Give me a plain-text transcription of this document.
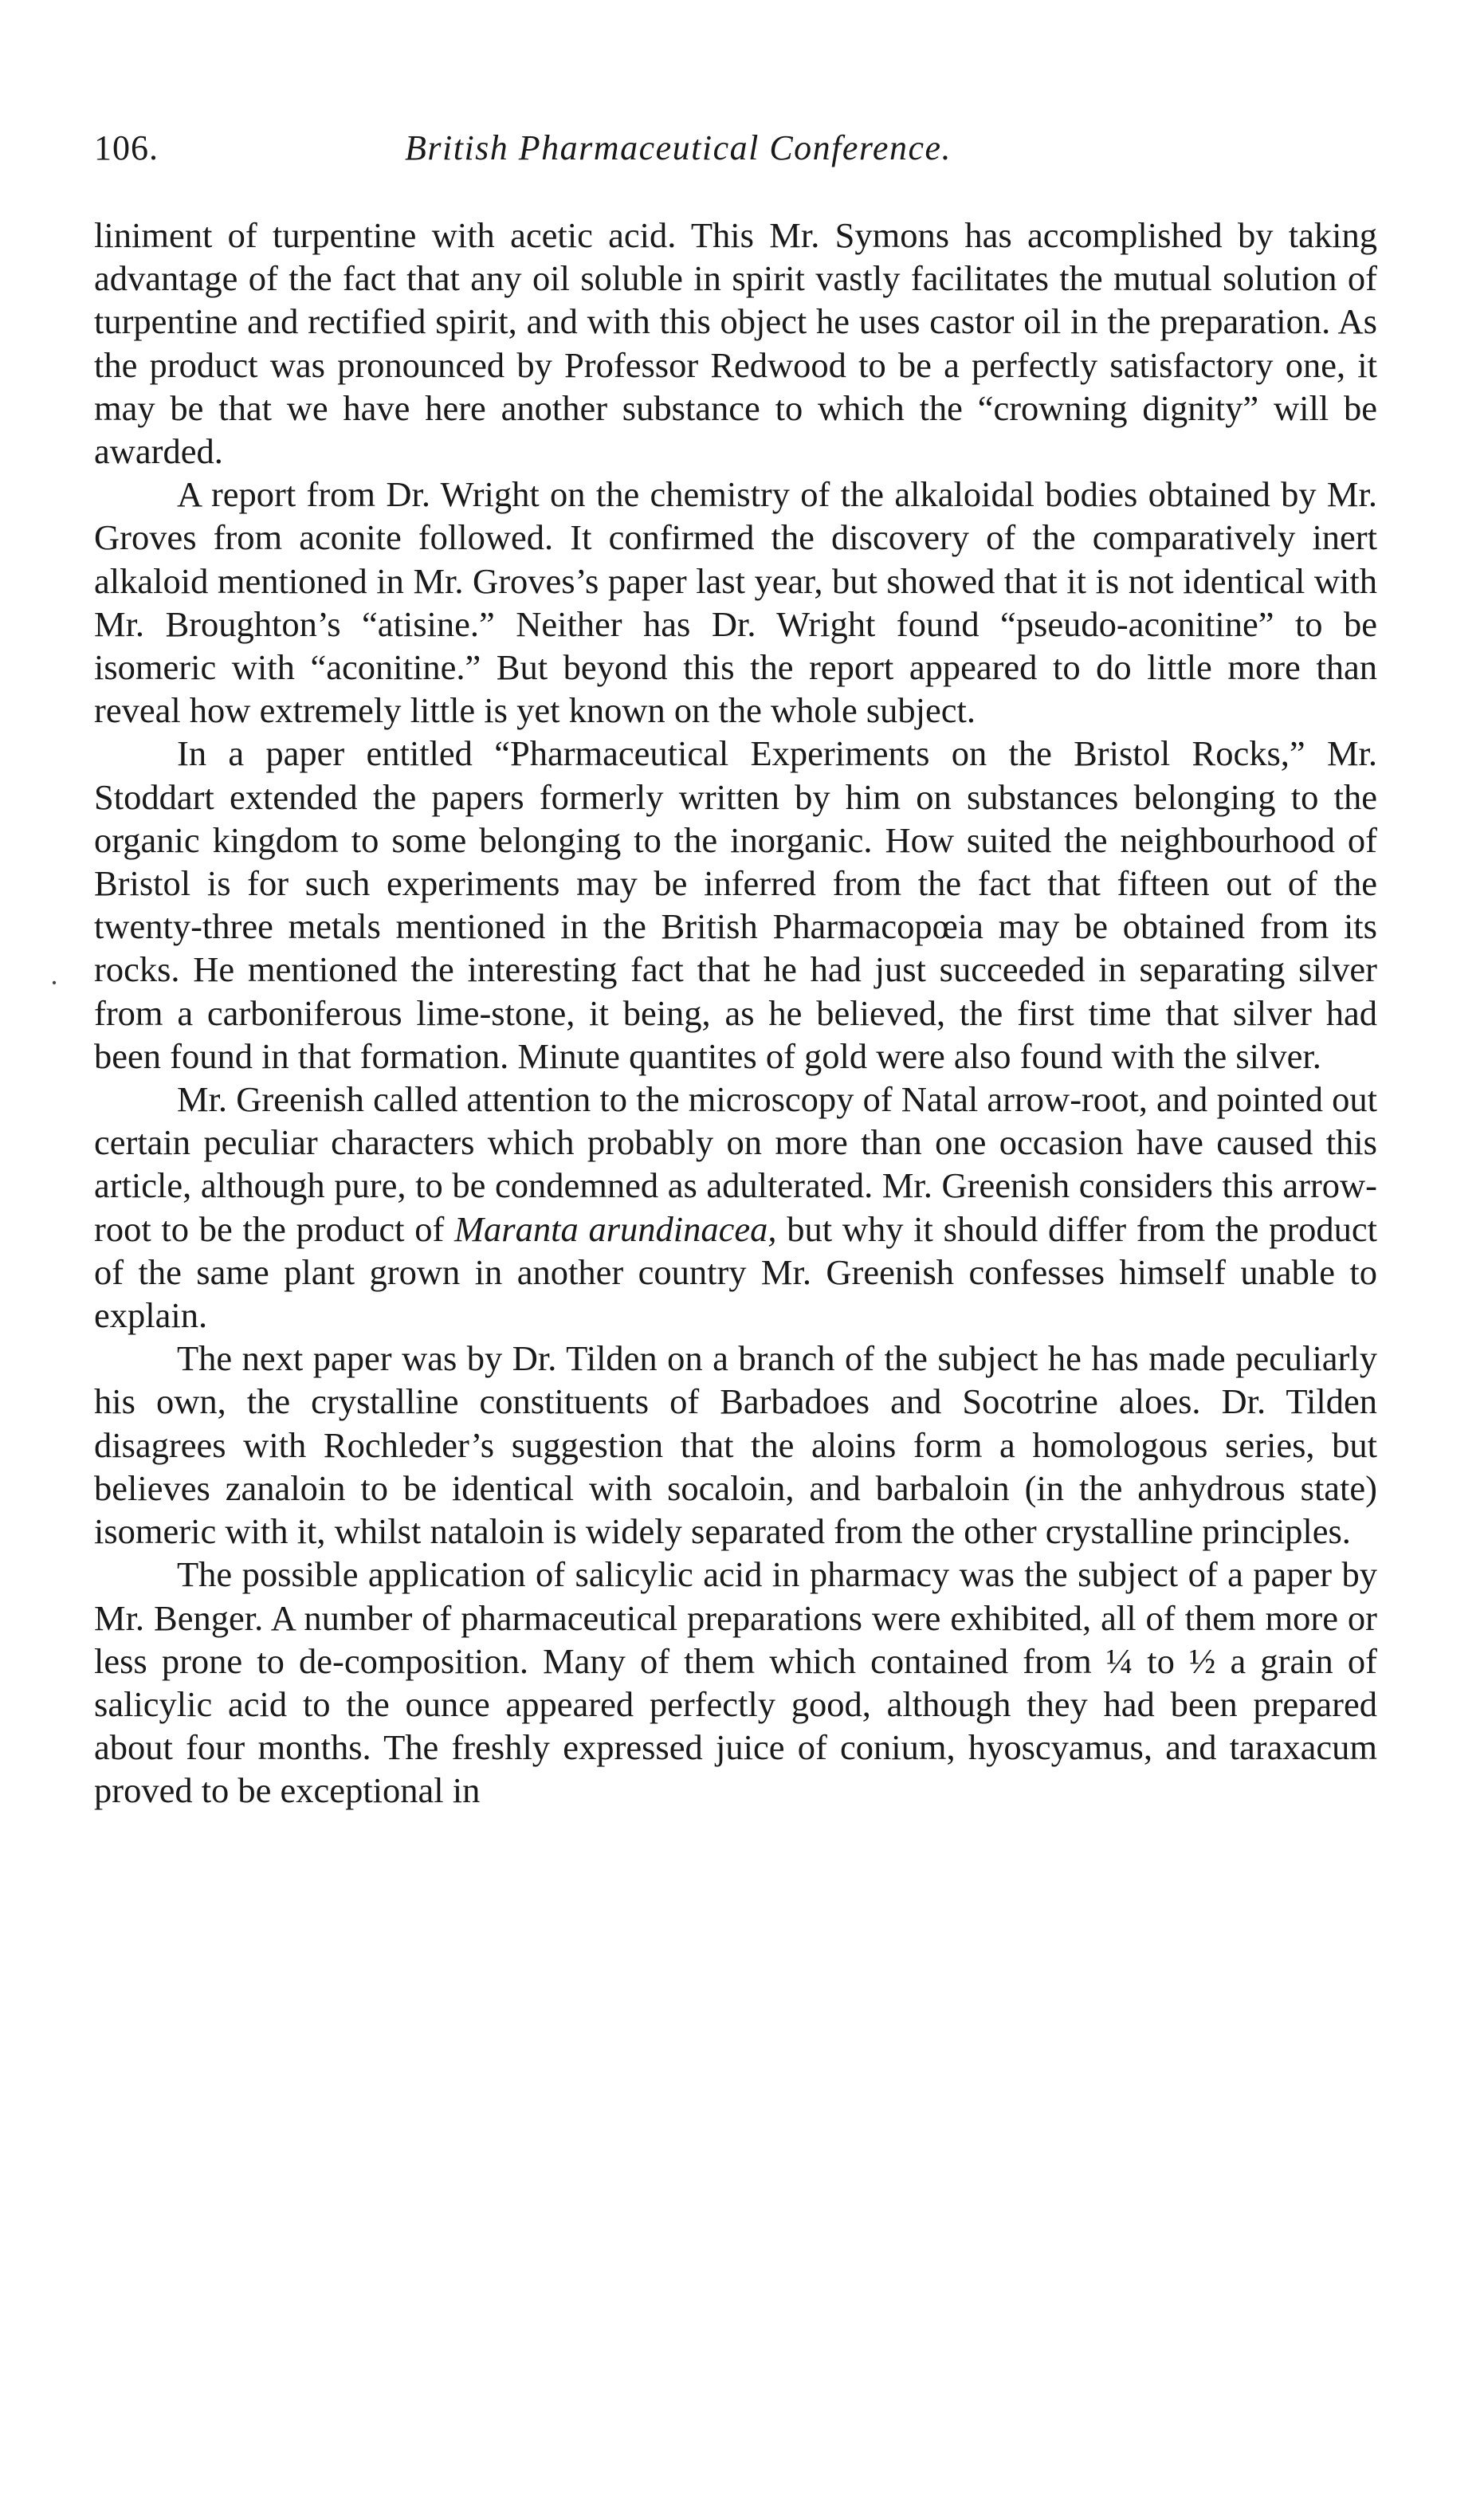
106.	British Pharmaceutical Conference.
·

liniment of turpentine with acetic acid. This Mr. Symons has accomplished by taking advantage of the fact that any oil soluble in spirit vastly facilitates the mutual solution of turpentine and rectified spirit, and with this object he uses castor oil in the preparation. As the product was pronounced by Professor Redwood to be a perfectly satisfactory one, it may be that we have here another substance to which the “crowning dignity” will be awarded.

A report from Dr. Wright on the chemistry of the alkaloidal bodies obtained by Mr. Groves from aconite followed. It confirmed the discovery of the comparatively inert alkaloid mentioned in Mr. Groves’s paper last year, but showed that it is not identical with Mr. Broughton’s “atisine.” Neither has Dr. Wright found “pseudo-aconitine” to be isomeric with “aconitine.” But beyond this the report appeared to do little more than reveal how extremely little is yet known on the whole subject.

In a paper entitled “Pharmaceutical Experiments on the Bristol Rocks,” Mr. Stoddart extended the papers formerly written by him on substances belonging to the organic kingdom to some belonging to the inorganic. How suited the neighbourhood of Bristol is for such experiments may be inferred from the fact that fifteen out of the twenty-three metals mentioned in the British Pharmacopœia may be obtained from its rocks. He mentioned the interesting fact that he had just succeeded in separating silver from a carboniferous lime-stone, it being, as he believed, the first time that silver had been found in that formation. Minute quantites of gold were also found with the silver.

Mr. Greenish called attention to the microscopy of Natal arrow-root, and pointed out certain peculiar characters which probably on more than one occasion have caused this article, although pure, to be condemned as adulterated. Mr. Greenish considers this arrow-root to be the product of Maranta arundinacea, but why it should differ from the product of the same plant grown in another country Mr. Greenish confesses himself unable to explain.

The next paper was by Dr. Tilden on a branch of the subject he has made peculiarly his own, the crystalline constituents of Barbadoes and Socotrine aloes. Dr. Tilden disagrees with Rochleder’s suggestion that the aloins form a homologous series, but believes zanaloin to be identical with socaloin, and barbaloin (in the anhydrous state) isomeric with it, whilst nataloin is widely separated from the other crystalline principles.

The possible application of salicylic acid in pharmacy was the subject of a paper by Mr. Benger. A number of pharmaceutical preparations were exhibited, all of them more or less prone to de-composition. Many of them which contained from ¼ to ½ a grain of salicylic acid to the ounce appeared perfectly good, although they had been prepared about four months. The freshly expressed juice of conium, hyoscyamus, and taraxacum proved to be exceptional in
